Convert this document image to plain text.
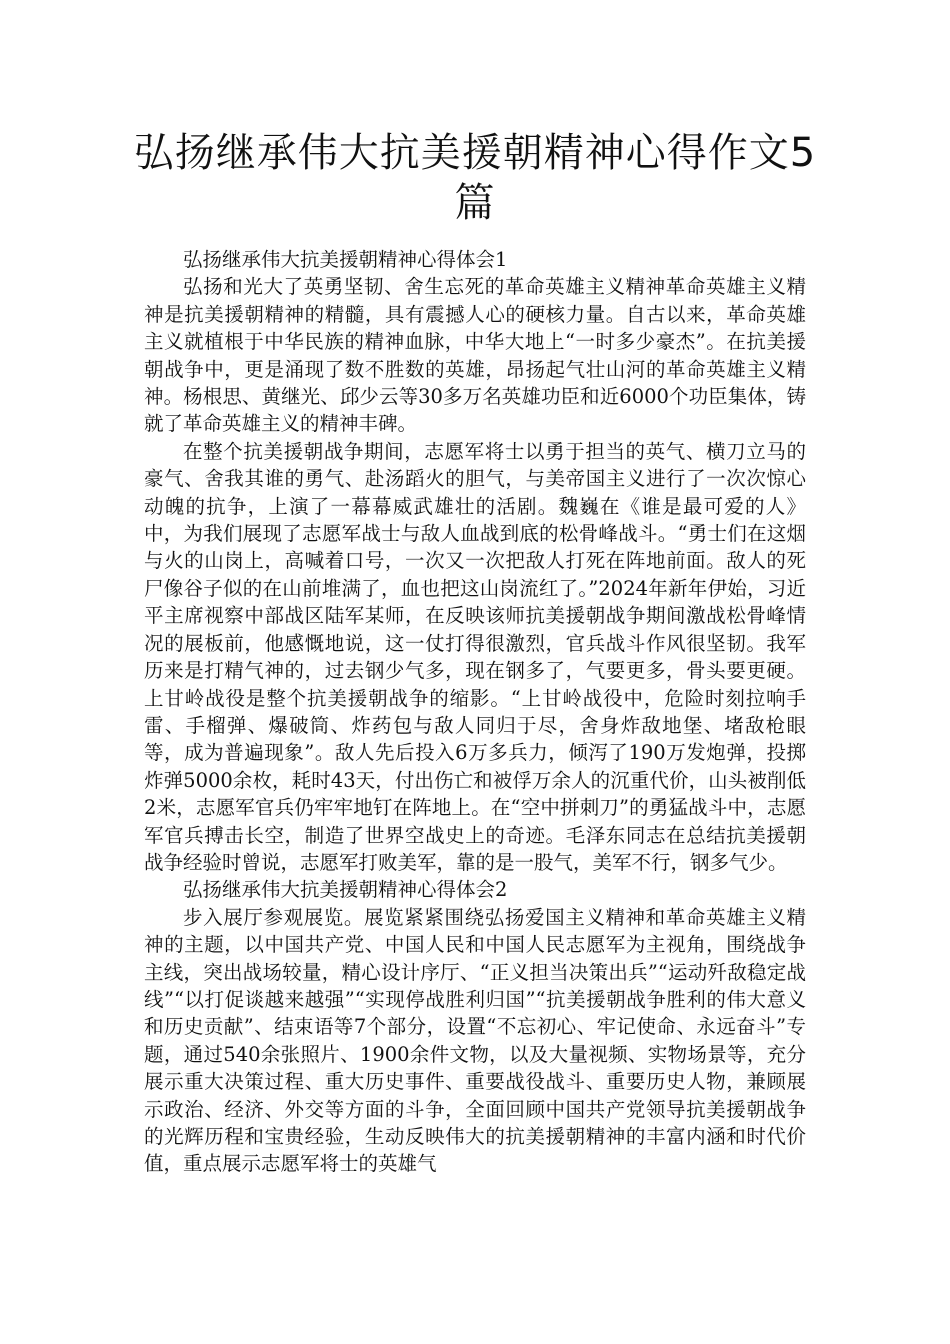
弘扬继承伟大抗美援朝精神心得作文5篇

弘扬继承伟大抗美援朝精神心得体会1

弘扬和光大了英勇坚韧、舍生忘死的革命英雄主义精神革命英雄主义精神是抗美援朝精神的精髓，具有震撼人心的硬核力量。自古以来，革命英雄主义就植根于中华民族的精神血脉，中华大地上“一时多少豪杰”。在抗美援朝战争中，更是涌现了数不胜数的英雄，昂扬起气壮山河的革命英雄主义精神。杨根思、黄继光、邱少云等30多万名英雄功臣和近6000个功臣集体，铸就了革命英雄主义的精神丰碑。

在整个抗美援朝战争期间，志愿军将士以勇于担当的英气、横刀立马的豪气、舍我其谁的勇气、赴汤蹈火的胆气，与美帝国主义进行了一次次惊心动魄的抗争，上演了一幕幕威武雄壮的活剧。魏巍在《谁是最可爱的人》中，为我们展现了志愿军战士与敌人血战到底的松骨峰战斗。“勇士们在这烟与火的山岗上，高喊着口号，一次又一次把敌人打死在阵地前面。敌人的死尸像谷子似的在山前堆满了，血也把这山岗流红了。”2024年新年伊始，习近平主席视察中部战区陆军某师，在反映该师抗美援朝战争期间激战松骨峰情况的展板前，他感慨地说，这一仗打得很激烈，官兵战斗作风很坚韧。我军历来是打精气神的，过去钢少气多，现在钢多了，气要更多，骨头要更硬。上甘岭战役是整个抗美援朝战争的缩影。“上甘岭战役中，危险时刻拉响手雷、手榴弹、爆破筒、炸药包与敌人同归于尽，舍身炸敌地堡、堵敌枪眼等，成为普遍现象”。敌人先后投入6万多兵力，倾泻了190万发炮弹，投掷炸弹5000余枚，耗时43天，付出伤亡和被俘万余人的沉重代价，山头被削低2米，志愿军官兵仍牢牢地钉在阵地上。在“空中拼刺刀”的勇猛战斗中，志愿军官兵搏击长空，制造了世界空战史上的奇迹。毛泽东同志在总结抗美援朝战争经验时曾说，志愿军打败美军，靠的是一股气，美军不行，钢多气少。

弘扬继承伟大抗美援朝精神心得体会2

步入展厅参观展览。展览紧紧围绕弘扬爱国主义精神和革命英雄主义精神的主题，以中国共产党、中国人民和中国人民志愿军为主视角，围绕战争主线，突出战场较量，精心设计序厅、“正义担当决策出兵”“运动歼敌稳定战线”“以打促谈越来越强”“实现停战胜利归国”“抗美援朝战争胜利的伟大意义和历史贡献”、结束语等7个部分，设置“不忘初心、牢记使命、永远奋斗”专题，通过540余张照片、1900余件文物，以及大量视频、实物场景等，充分展示重大决策过程、重大历史事件、重要战役战斗、重要历史人物，兼顾展示政治、经济、外交等方面的斗争，全面回顾中国共产党领导抗美援朝战争的光辉历程和宝贵经验，生动反映伟大的抗美援朝精神的丰富内涵和时代价值，重点展示志愿军将士的英雄气
